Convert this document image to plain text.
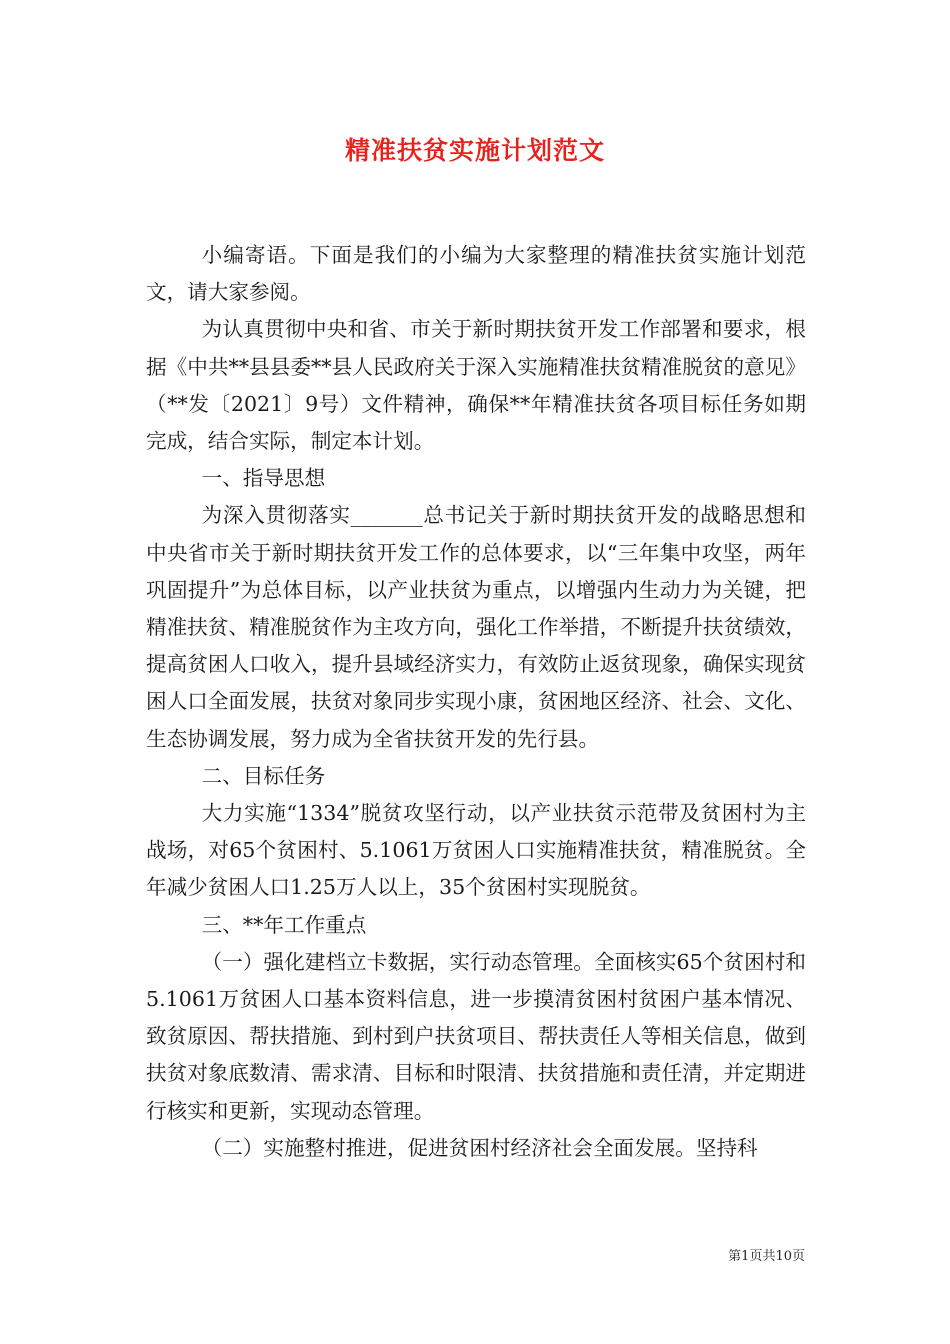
精准扶贫实施计划范文

小编寄语。下面是我们的小编为大家整理的精准扶贫实施计划范文，请大家参阅。

为认真贯彻中央和省、市关于新时期扶贫开发工作部署和要求，根据《中共**县县委**县人民政府关于深入实施精准扶贫精准脱贫的意见》（**发〔2021〕9号）文件精神，确保**年精准扶贫各项目标任务如期完成，结合实际，制定本计划。

一、指导思想

为深入贯彻落实_______总书记关于新时期扶贫开发的战略思想和中央省市关于新时期扶贫开发工作的总体要求，以“三年集中攻坚，两年巩固提升”为总体目标，以产业扶贫为重点，以增强内生动力为关键，把精准扶贫、精准脱贫作为主攻方向，强化工作举措，不断提升扶贫绩效，提高贫困人口收入，提升县域经济实力，有效防止返贫现象，确保实现贫困人口全面发展，扶贫对象同步实现小康，贫困地区经济、社会、文化、生态协调发展，努力成为全省扶贫开发的先行县。

二、目标任务

大力实施“1334”脱贫攻坚行动，以产业扶贫示范带及贫困村为主战场，对65个贫困村、5.1061万贫困人口实施精准扶贫，精准脱贫。全年减少贫困人口1.25万人以上，35个贫困村实现脱贫。

三、**年工作重点

（一）强化建档立卡数据，实行动态管理。全面核实65个贫困村和5.1061万贫困人口基本资料信息，进一步摸清贫困村贫困户基本情况、致贫原因、帮扶措施、到村到户扶贫项目、帮扶责任人等相关信息，做到扶贫对象底数清、需求清、目标和时限清、扶贫措施和责任清，并定期进行核实和更新，实现动态管理。

（二）实施整村推进，促进贫困村经济社会全面发展。坚持科

第1页共10页
